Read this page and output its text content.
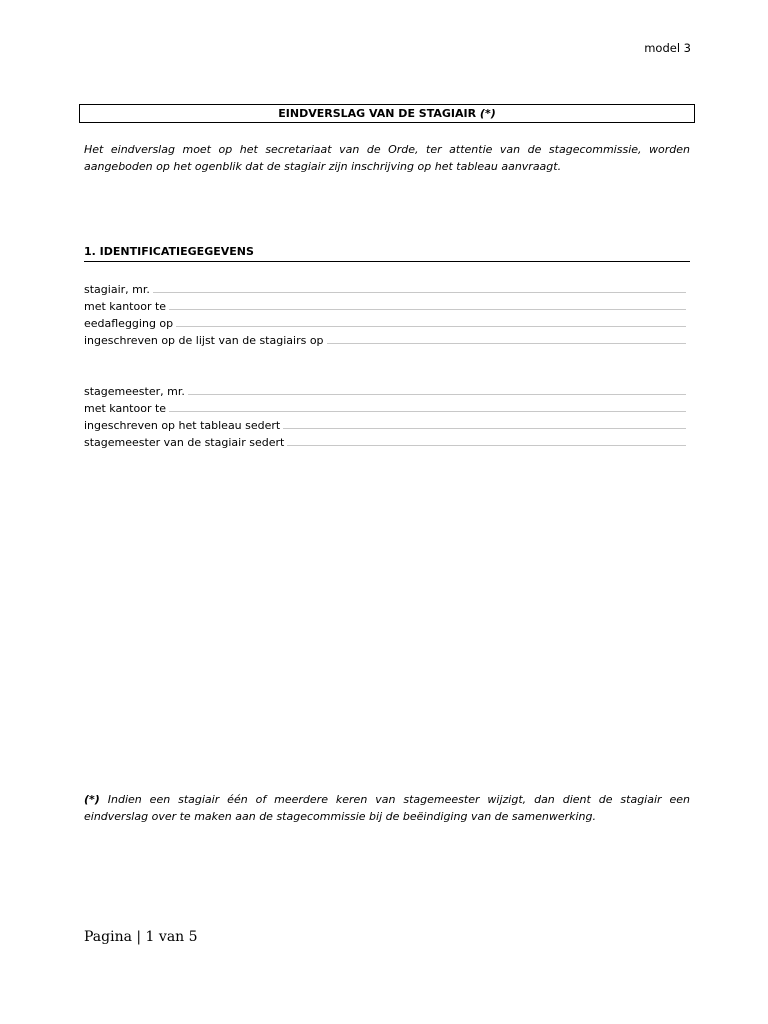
model 3
EINDVERSLAG VAN DE STAGIAIR (*)
Het eindverslag moet op het secretariaat van de Orde, ter attentie van de stagecommissie, worden aangeboden op het ogenblik dat de stagiair zijn inschrijving op het tableau aanvraagt.
1. IDENTIFICATIEGEGEVENS
stagiair, mr.
met kantoor te
eedaflegging op
ingeschreven op de lijst van de stagiairs op
stagemeester, mr.
met kantoor te
ingeschreven op het tableau sedert
stagemeester van de stagiair sedert
(*) Indien een stagiair één of meerdere keren van stagemeester wijzigt, dan dient de stagiair een eindverslag over te maken aan de stagecommissie bij de beëindiging van de samenwerking.
Pagina | 1 van 5
